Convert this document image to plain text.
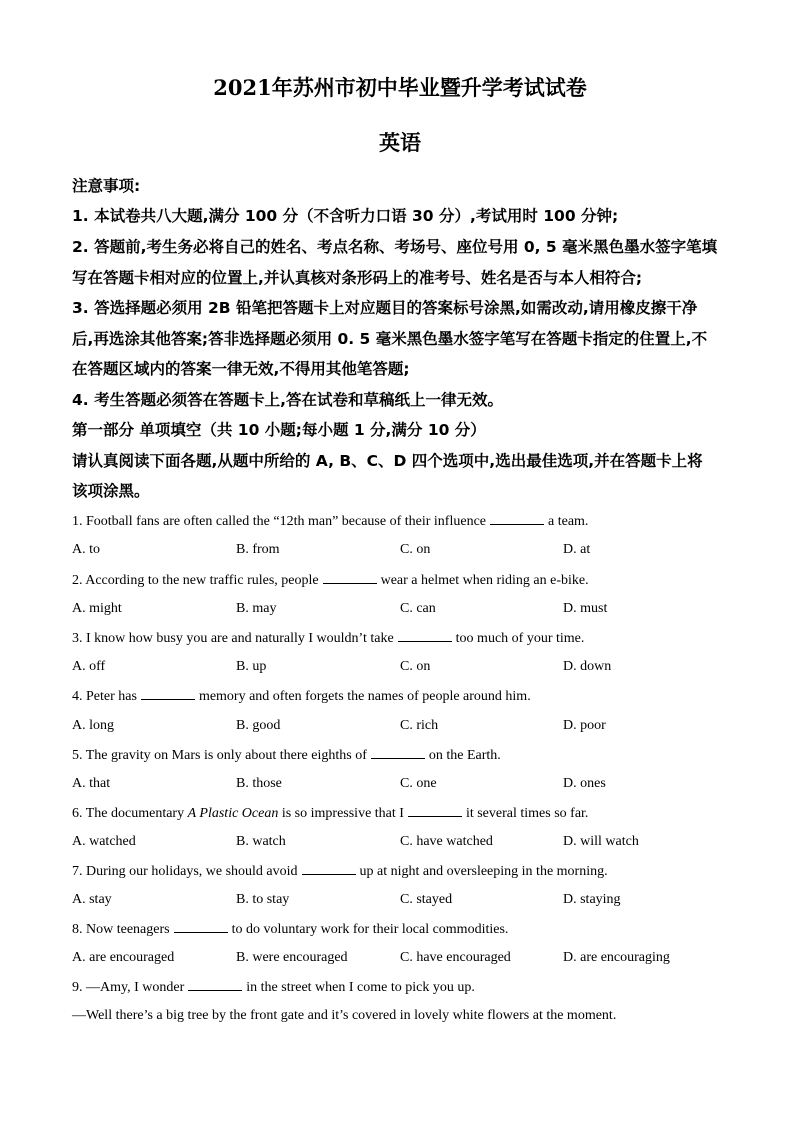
2021年苏州市初中毕业暨升学考试试卷
英语
注意事项:
1. 本试卷共八大题,满分 100 分（不含听力口语 30 分）,考试用时 100 分钟;
2. 答题前,考生务必将自己的姓名、考点名称、考场号、座位号用 0, 5 毫米黑色墨水签字笔填
写在答题卡相对应的位置上,并认真核对条形码上的准考号、姓名是否与本人相符合;
3. 答选择题必须用 2B 铅笔把答题卡上对应题目的答案标号涂黑,如需改动,请用橡皮擦干净
后,再选涂其他答案;答非选择题必须用 0. 5 毫米黑色墨水签字笔写在答题卡指定的住置上,不
在答题区域内的答案一律无效,不得用其他笔答题;
4. 考生答题必须答在答题卡上,答在试卷和草稿纸上一律无效。
第一部分 单项填空（共 10 小题;每小题 1 分,满分 10 分）
请认真阅读下面各题,从题中所给的 A, B、C、D 四个选项中,选出最佳选项,并在答题卡上将
该项涂黑。
1. Football fans are often called the “12th man” because of their influence	a team.
A. to	B. from	C. on	D. at
2. According to the new traffic rules, people	wear a helmet when riding an e-bike.
A. might	B. may	C. can	D. must
3. I know how busy you are and naturally I wouldn’t take	too much of your time.
A. off	B. up	C. on	D. down
4. Peter has	memory and often forgets the names of people around him.
A. long	B. good	C. rich	D. poor
5. The gravity on Mars is only about there eighths of	on the Earth.
A. that	B. those	C. one	D. ones
6. The documentary A Plastic Ocean is so impressive that I	it several times so far.
A. watched	B. watch	C. have watched	D. will watch
7. During our holidays, we should avoid	up at night and oversleeping in the morning.
A. stay	B. to stay	C. stayed	D. staying
8. Now teenagers	to do voluntary work for their local commodities.
A. are encouraged	B. were encouraged	C. have encouraged	D. are encouraging
9. —Amy, I wonder	in the street when I come to pick you up.
—Well there’s a big tree by the front gate and it’s covered in lovely white flowers at the moment.
